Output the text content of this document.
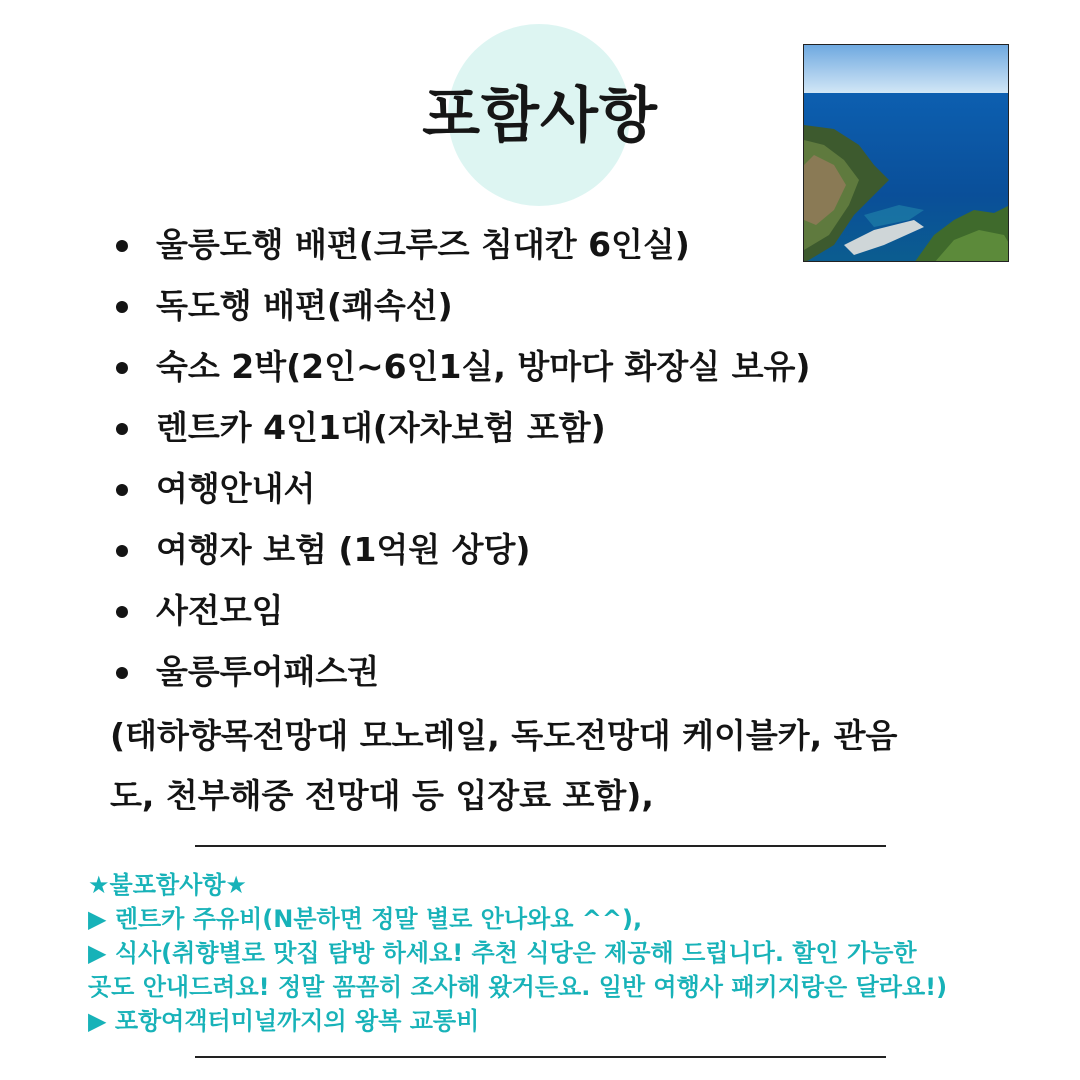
포함사항
울릉도행 배편(크루즈 침대칸 6인실)
독도행 배편(쾌속선)
숙소 2박(2인~6인1실, 방마다 화장실 보유)
렌트카 4인1대(자차보험 포함)
여행안내서
여행자 보험 (1억원 상당)
사전모임
울릉투어패스권
(태하향목전망대 모노레일, 독도전망대 케이블카, 관음
도, 천부해중 전망대 등 입장료 포함),
★불포함사항★
▶ 렌트카 주유비(N분하면 정말 별로 안나와요 ^^),
▶ 식사(취향별로 맛집 탐방 하세요! 추천 식당은 제공해 드립니다. 할인 가능한
곳도 안내드려요! 정말 꼼꼼히 조사해 왔거든요. 일반 여행사 패키지랑은 달라요!)
▶ 포항여객터미널까지의 왕복 교통비
